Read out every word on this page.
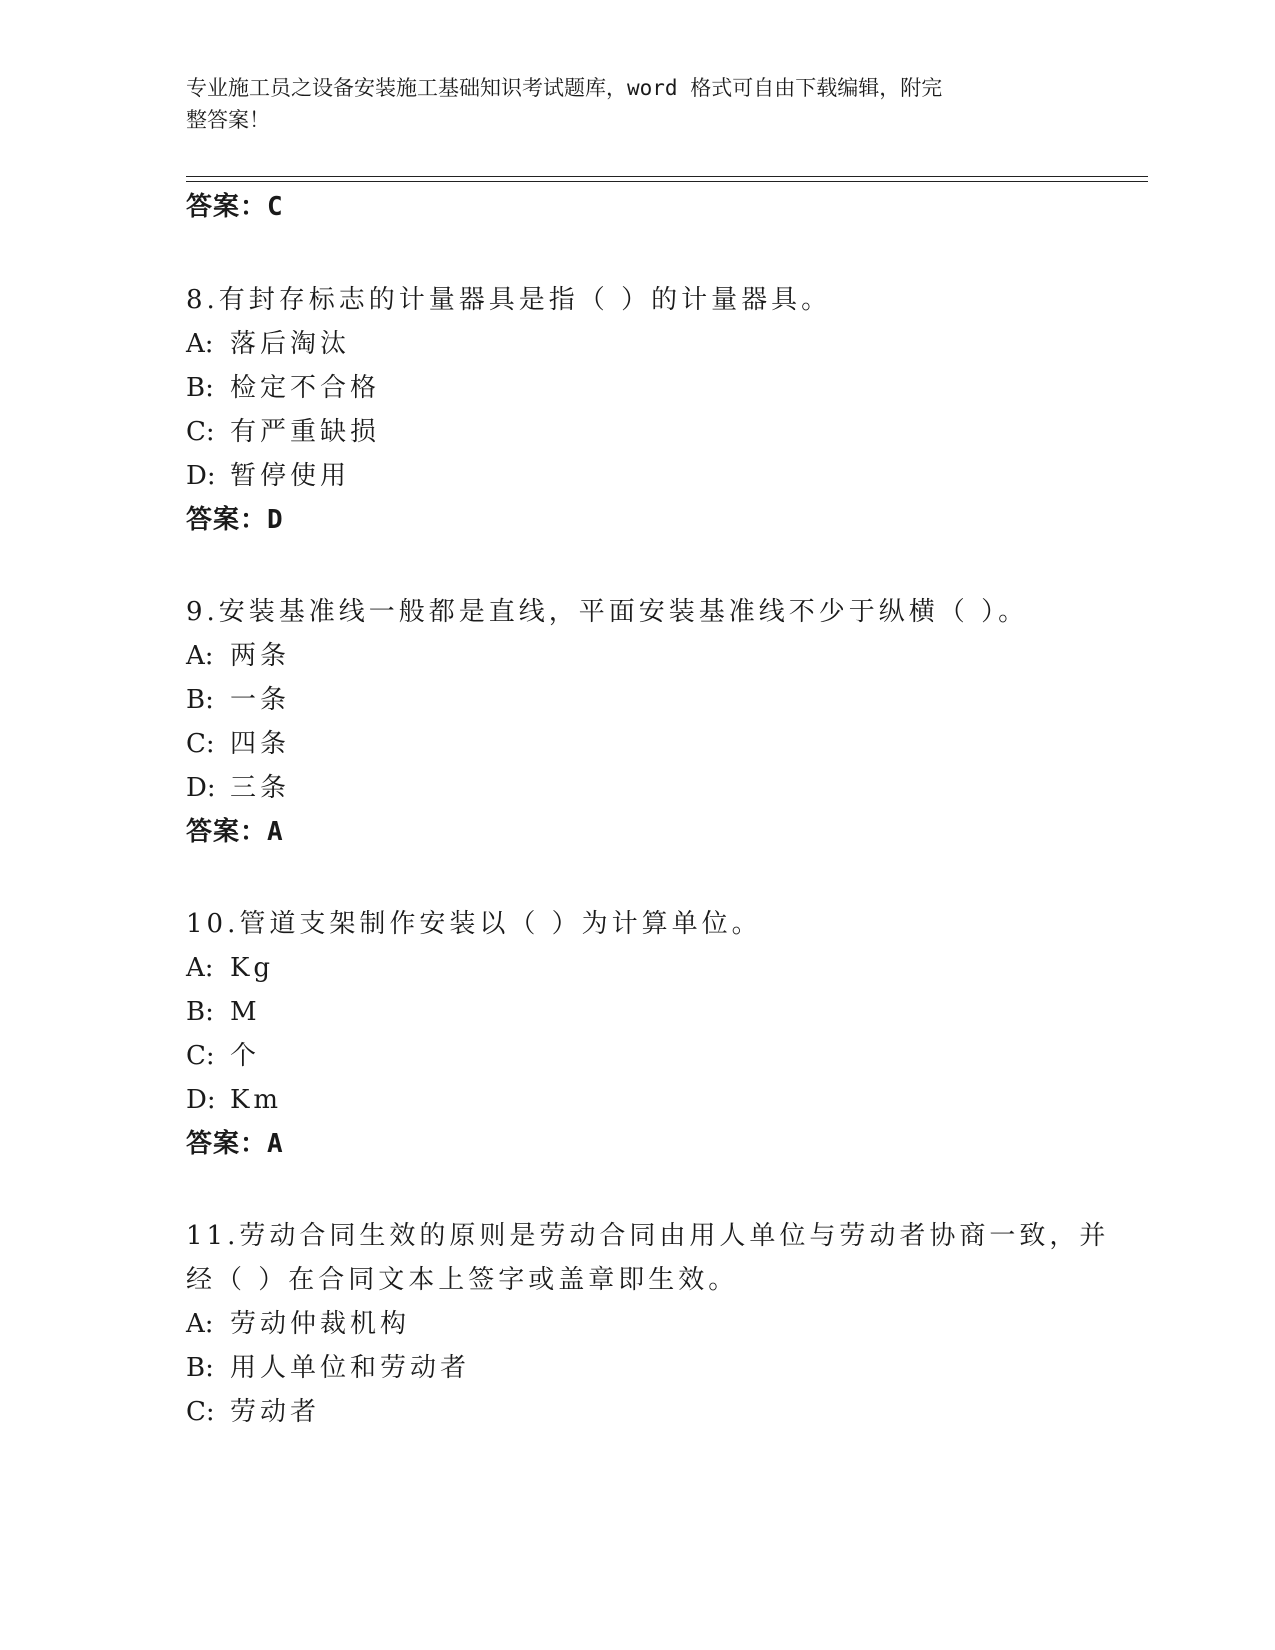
专业施工员之设备安装施工基础知识考试题库，word 格式可自由下载编辑，附完
整答案！
答案：C
8.有封存标志的计量器具是指（ ）的计量器具。
A: 落后淘汰
B: 检定不合格
C: 有严重缺损
D: 暂停使用
答案：D
9.安装基准线一般都是直线，平面安装基准线不少于纵横（ ）。
A: 两条
B: 一条
C: 四条
D: 三条
答案：A
10.管道支架制作安装以（ ）为计算单位。
A: Kg
B: M
C: 个
D: Km
答案：A
11.劳动合同生效的原则是劳动合同由用人单位与劳动者协商一致，并
经（ ）在合同文本上签字或盖章即生效。
A: 劳动仲裁机构
B: 用人单位和劳动者
C: 劳动者
